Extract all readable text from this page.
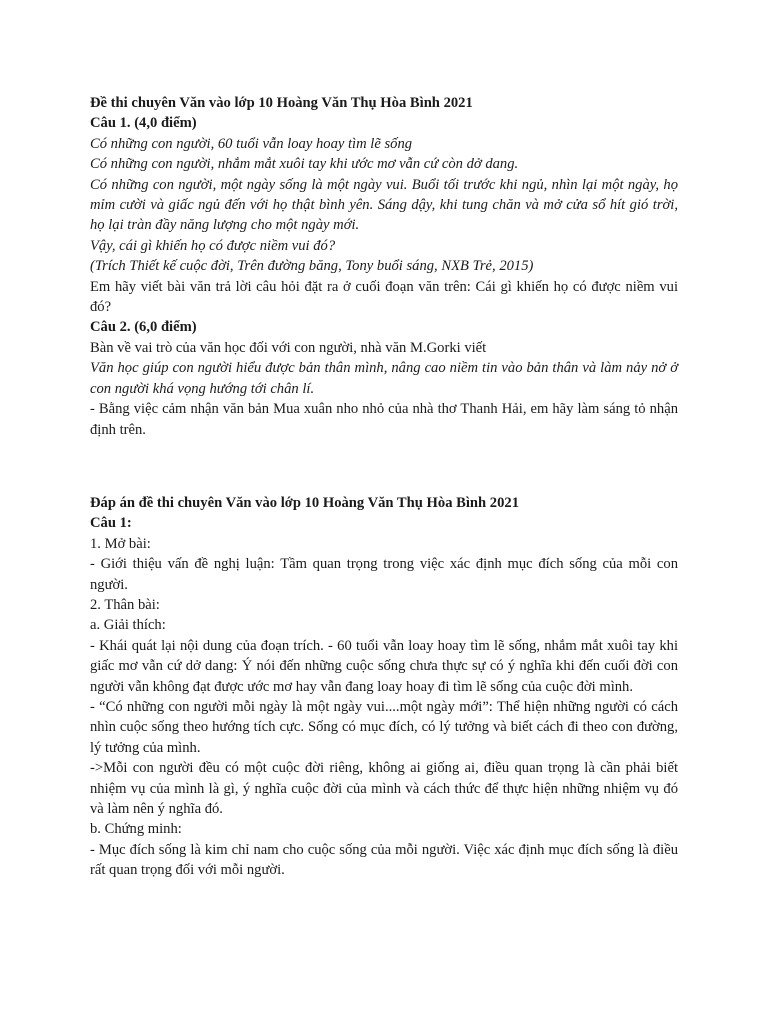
Đề thi chuyên Văn vào lớp 10 Hoàng Văn Thụ Hòa Bình 2021

Câu 1. (4,0 điểm)

Có những con người, 60 tuổi vẫn loay hoay tìm lẽ sống

Có những con người, nhắm mắt xuôi tay khi ước mơ vẫn cứ còn dở dang.

Có những con người, một ngày sống là một ngày vui. Buổi tối trước khi ngủ, nhìn lại một ngày, họ mỉm cười và giấc ngủ đến với họ thật bình yên. Sáng dậy, khi tung chăn và mở cửa sổ hít gió trời, họ lại tràn đầy năng lượng cho một ngày mới.

Vậy, cái gì khiến họ có được niềm vui đó?

(Trích Thiết kế cuộc đời, Trên đường băng, Tony buổi sáng, NXB Trẻ, 2015)

Em hãy viết bài văn trả lời câu hỏi đặt ra ở cuối đoạn văn trên: Cái gì khiến họ có được niềm vui đó?

Câu 2. (6,0 điểm)

Bàn về vai trò của văn học đối với con người, nhà văn M.Gorki viết

Văn học giúp con người hiểu được bản thân mình, nâng cao niềm tin vào bản thân và làm nảy nở ở con người khá vọng hướng tới chân lí.

- Bằng việc cảm nhận văn bản Mua xuân nho nhỏ của nhà thơ Thanh Hải, em hãy làm sáng tỏ nhận định trên.

Đáp án đề thi chuyên Văn vào lớp 10 Hoàng Văn Thụ Hòa Bình 2021

Câu 1:

1. Mở bài:

- Giới thiệu vấn đề nghị luận: Tầm quan trọng trong việc xác định mục đích sống của mỗi con người.

2. Thân bài:

a. Giải thích:

- Khái quát lại nội dung của đoạn trích. - 60 tuổi vẫn loay hoay tìm lẽ sống, nhắm mắt xuôi tay khi giấc mơ vẫn cứ dở dang: Ý nói đến những cuộc sống chưa thực sự có ý nghĩa khi đến cuối đời con người vẫn không đạt được ước mơ hay vẫn đang loay hoay đi tìm lẽ sống của cuộc đời mình.

- “Có những con người mỗi ngày là một ngày vui....một ngày mới”: Thể hiện những người có cách nhìn cuộc sống theo hướng tích cực. Sống có mục đích, có lý tưởng và biết cách đi theo con đường, lý tưởng của mình.

->Mỗi con người đều có một cuộc đời riêng, không ai giống ai, điều quan trọng là cần phải biết nhiệm vụ của mình là gì, ý nghĩa cuộc đời của mình và cách thức để thực hiện những nhiệm vụ đó và làm nên ý nghĩa đó.

b. Chứng minh:

- Mục đích sống là kim chỉ nam cho cuộc sống của mỗi người. Việc xác định mục đích sống là điều rất quan trọng đối với mỗi người.
